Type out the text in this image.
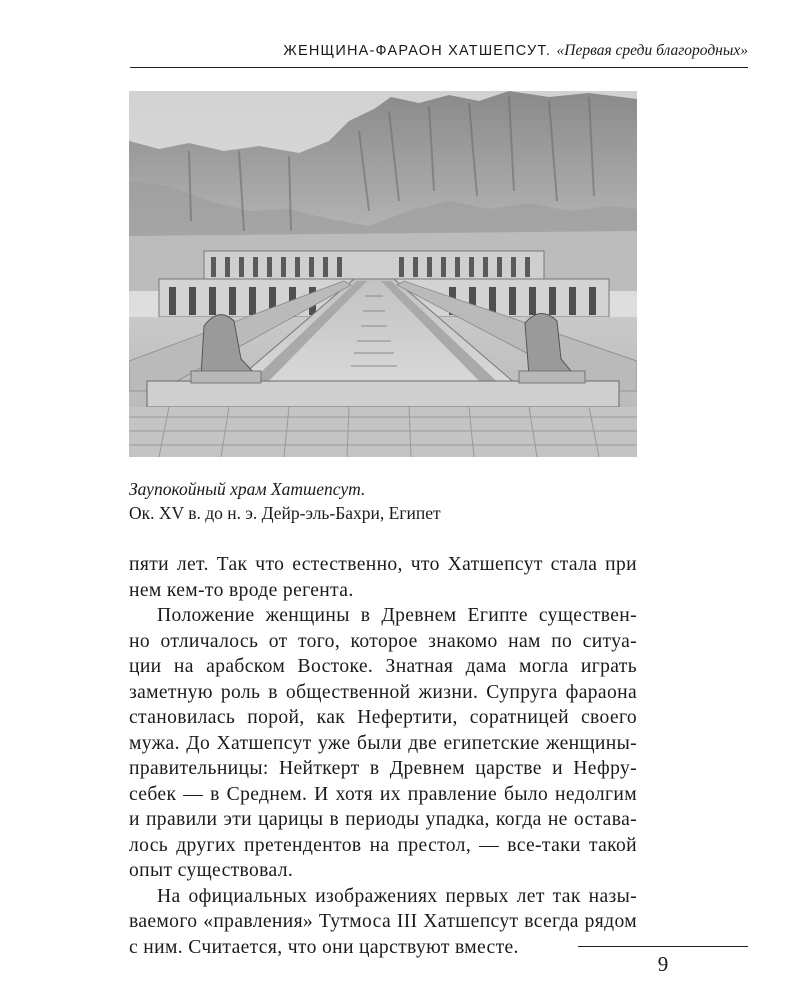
ЖЕНЩИНА-ФАРАОН ХАТШЕПСУТ. «Первая среди благородных»
Заупокойный храм Хатшепсут.
Ок. XV в. до н. э. Дейр-эль-Бахри, Египет
пяти лет. Так что естественно, что Хатшепсут стала при
нем кем-то вроде регента.
Положение женщины в Древнем Египте существен-
но отличалось от того, которое знакомо нам по ситуа-
ции на арабском Востоке. Знатная дама могла играть
заметную роль в общественной жизни. Супруга фараона
становилась порой, как Нефертити, соратницей своего
мужа. До Хатшепсут уже были две египетские женщины-
правительницы: Нейткерт в Древнем царстве и Нефру-
себек — в Среднем. И хотя их правление было недолгим
и правили эти царицы в периоды упадка, когда не остава-
лось других претендентов на престол, — все-таки такой
опыт существовал.
На официальных изображениях первых лет так назы-
ваемого «правления» Тутмоса III Хатшепсут всегда рядом
с ним. Считается, что они царствуют вместе.
9
